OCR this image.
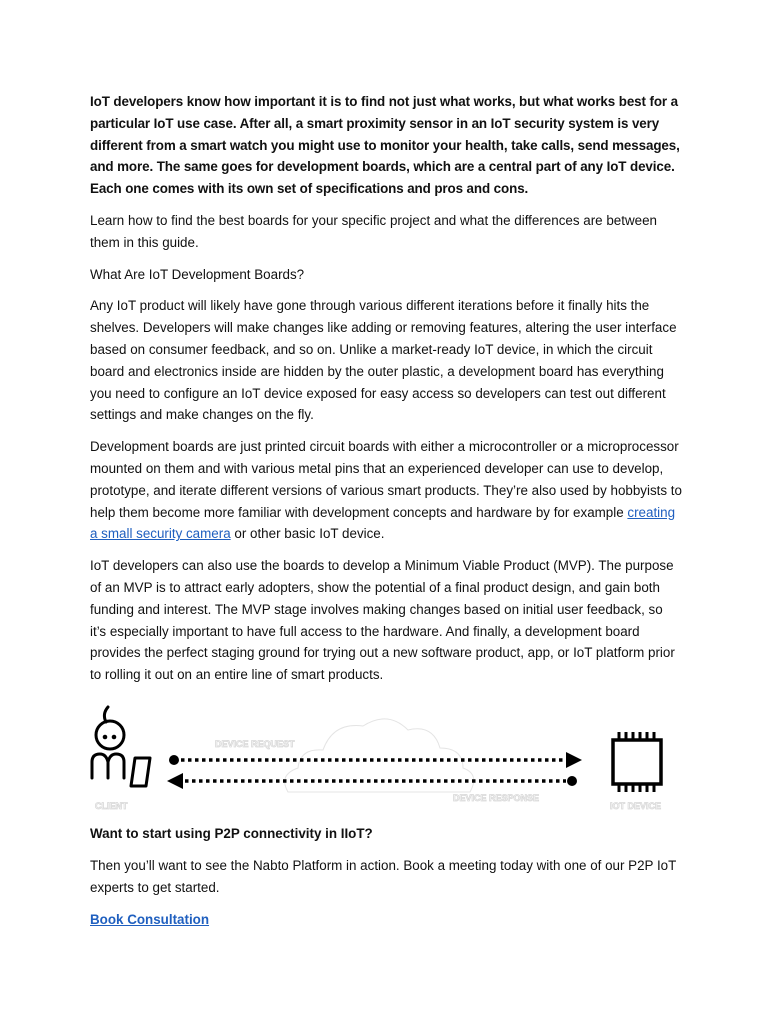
IoT developers know how important it is to find not just what works, but what works best for a particular IoT use case. After all, a smart proximity sensor in an IoT security system is very different from a smart watch you might use to monitor your health, take calls, send messages, and more. The same goes for development boards, which are a central part of any IoT device. Each one comes with its own set of specifications and pros and cons.

Learn how to find the best boards for your specific project and what the differences are between them in this guide.

What Are IoT Development Boards?

Any IoT product will likely have gone through various different iterations before it finally hits the shelves. Developers will make changes like adding or removing features, altering the user interface based on consumer feedback, and so on. Unlike a market-ready IoT device, in which the circuit board and electronics inside are hidden by the outer plastic, a development board has everything you need to configure an IoT device exposed for easy access so developers can test out different settings and make changes on the fly.

Development boards are just printed circuit boards with either a microcontroller or a microprocessor mounted on them and with various metal pins that an experienced developer can use to develop, prototype, and iterate different versions of various smart products. They’re also used by hobbyists to help them become more familiar with development concepts and hardware by for example creating a small security camera or other basic IoT device.

IoT developers can also use the boards to develop a Minimum Viable Product (MVP). The purpose of an MVP is to attract early adopters, show the potential of a final product design, and gain both funding and interest. The MVP stage involves making changes based on initial user feedback, so it’s especially important to have full access to the hardware. And finally, a development board provides the perfect staging ground for trying out a new software product, app, or IoT platform prior to rolling it out on an entire line of smart products.

DEVICE REQUEST
DEVICE RESPONSE
CLIENT	IOT DEVICE
Want to start using P2P connectivity in IIoT?
Then you’ll want to see the Nabto Platform in action. Book a meeting today with one of our P2P IoT experts to get started.
Book Consultation
